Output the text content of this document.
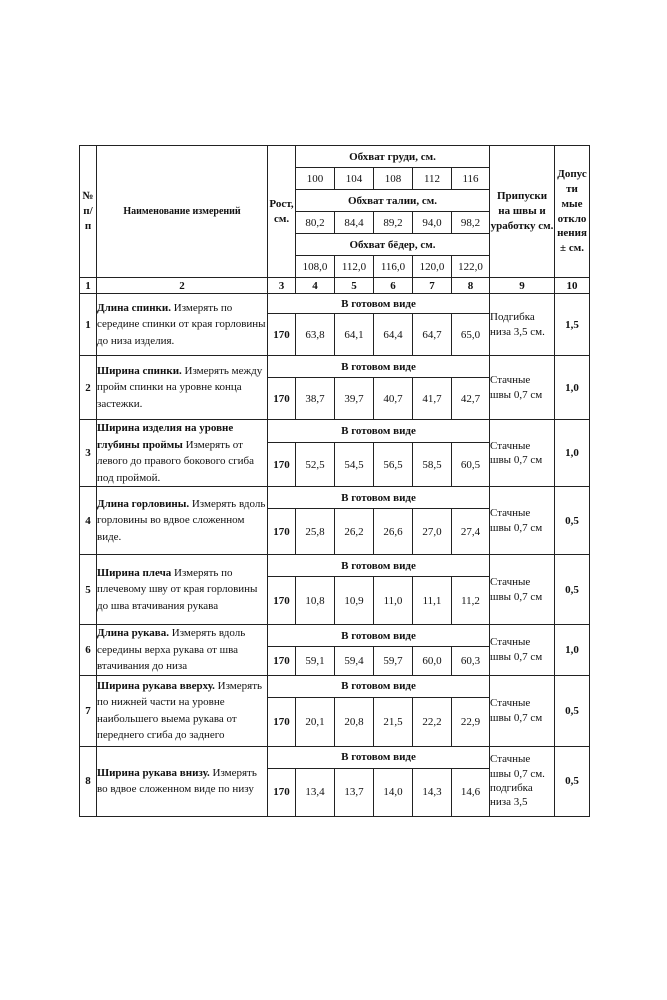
№ п/ п	Наименование измерений	Рост, см.	Обхват груди, см.					Припуски на швы и уработку см.	Допус ти мые откло нения ± см.
			100	104	108	112	116		
			Обхват талии, см.						
			80,2	84,4	89,2	94,0	98,2		
			Обхват бёдер, см.						
			108,0	112,0	116,0	120,0	122,0		
1	2	3	4	5	6	7	8	9	10
1	Длина спинки. Измерять по середине спинки от края горловины до низа изделия.	В готовом виде						Подгибка низа 3,5 см.	1,5
		170	63,8	64,1	64,4	64,7	65,0		
2	Ширина спинки. Измерять между пройм спинки на уровне конца застежки.	В готовом виде						Стачные швы 0,7 см	1,0
		170	38,7	39,7	40,7	41,7	42,7		
3	Ширина изделия на уровне глубины проймы Измерять от левого до правого бокового сгиба под проймой.	В готовом виде						Стачные швы 0,7 см	1,0
		170	52,5	54,5	56,5	58,5	60,5		
4	Длина горловины. Измерять вдоль горловины во вдвое сложенном виде.	В готовом виде						Стачные швы 0,7 см	0,5
		170	25,8	26,2	26,6	27,0	27,4		
5	Ширина плеча Измерять по плечевому шву от края горловины до шва втачивания рукава	В готовом виде						Стачные швы 0,7 см	0,5
		170	10,8	10,9	11,0	11,1	11,2		
6	Длина рукава. Измерять вдоль середины верха рукава от шва втачивания до низа	В готовом виде						Стачные швы 0,7 см	1,0
		170	59,1	59,4	59,7	60,0	60,3		
7	Ширина рукава вверху. Измерять по нижней части на уровне наибольшего выема рукава от переднего сгиба до заднего	В готовом виде						Стачные швы 0,7 см	0,5
		170	20,1	20,8	21,5	22,2	22,9		
8	Ширина рукава внизу. Измерять во вдвое сложенном виде по низу	В готовом виде						Стачные швы 0,7 см. подгибка низа 3,5	0,5
		170	13,4	13,7	14,0	14,3	14,6		
